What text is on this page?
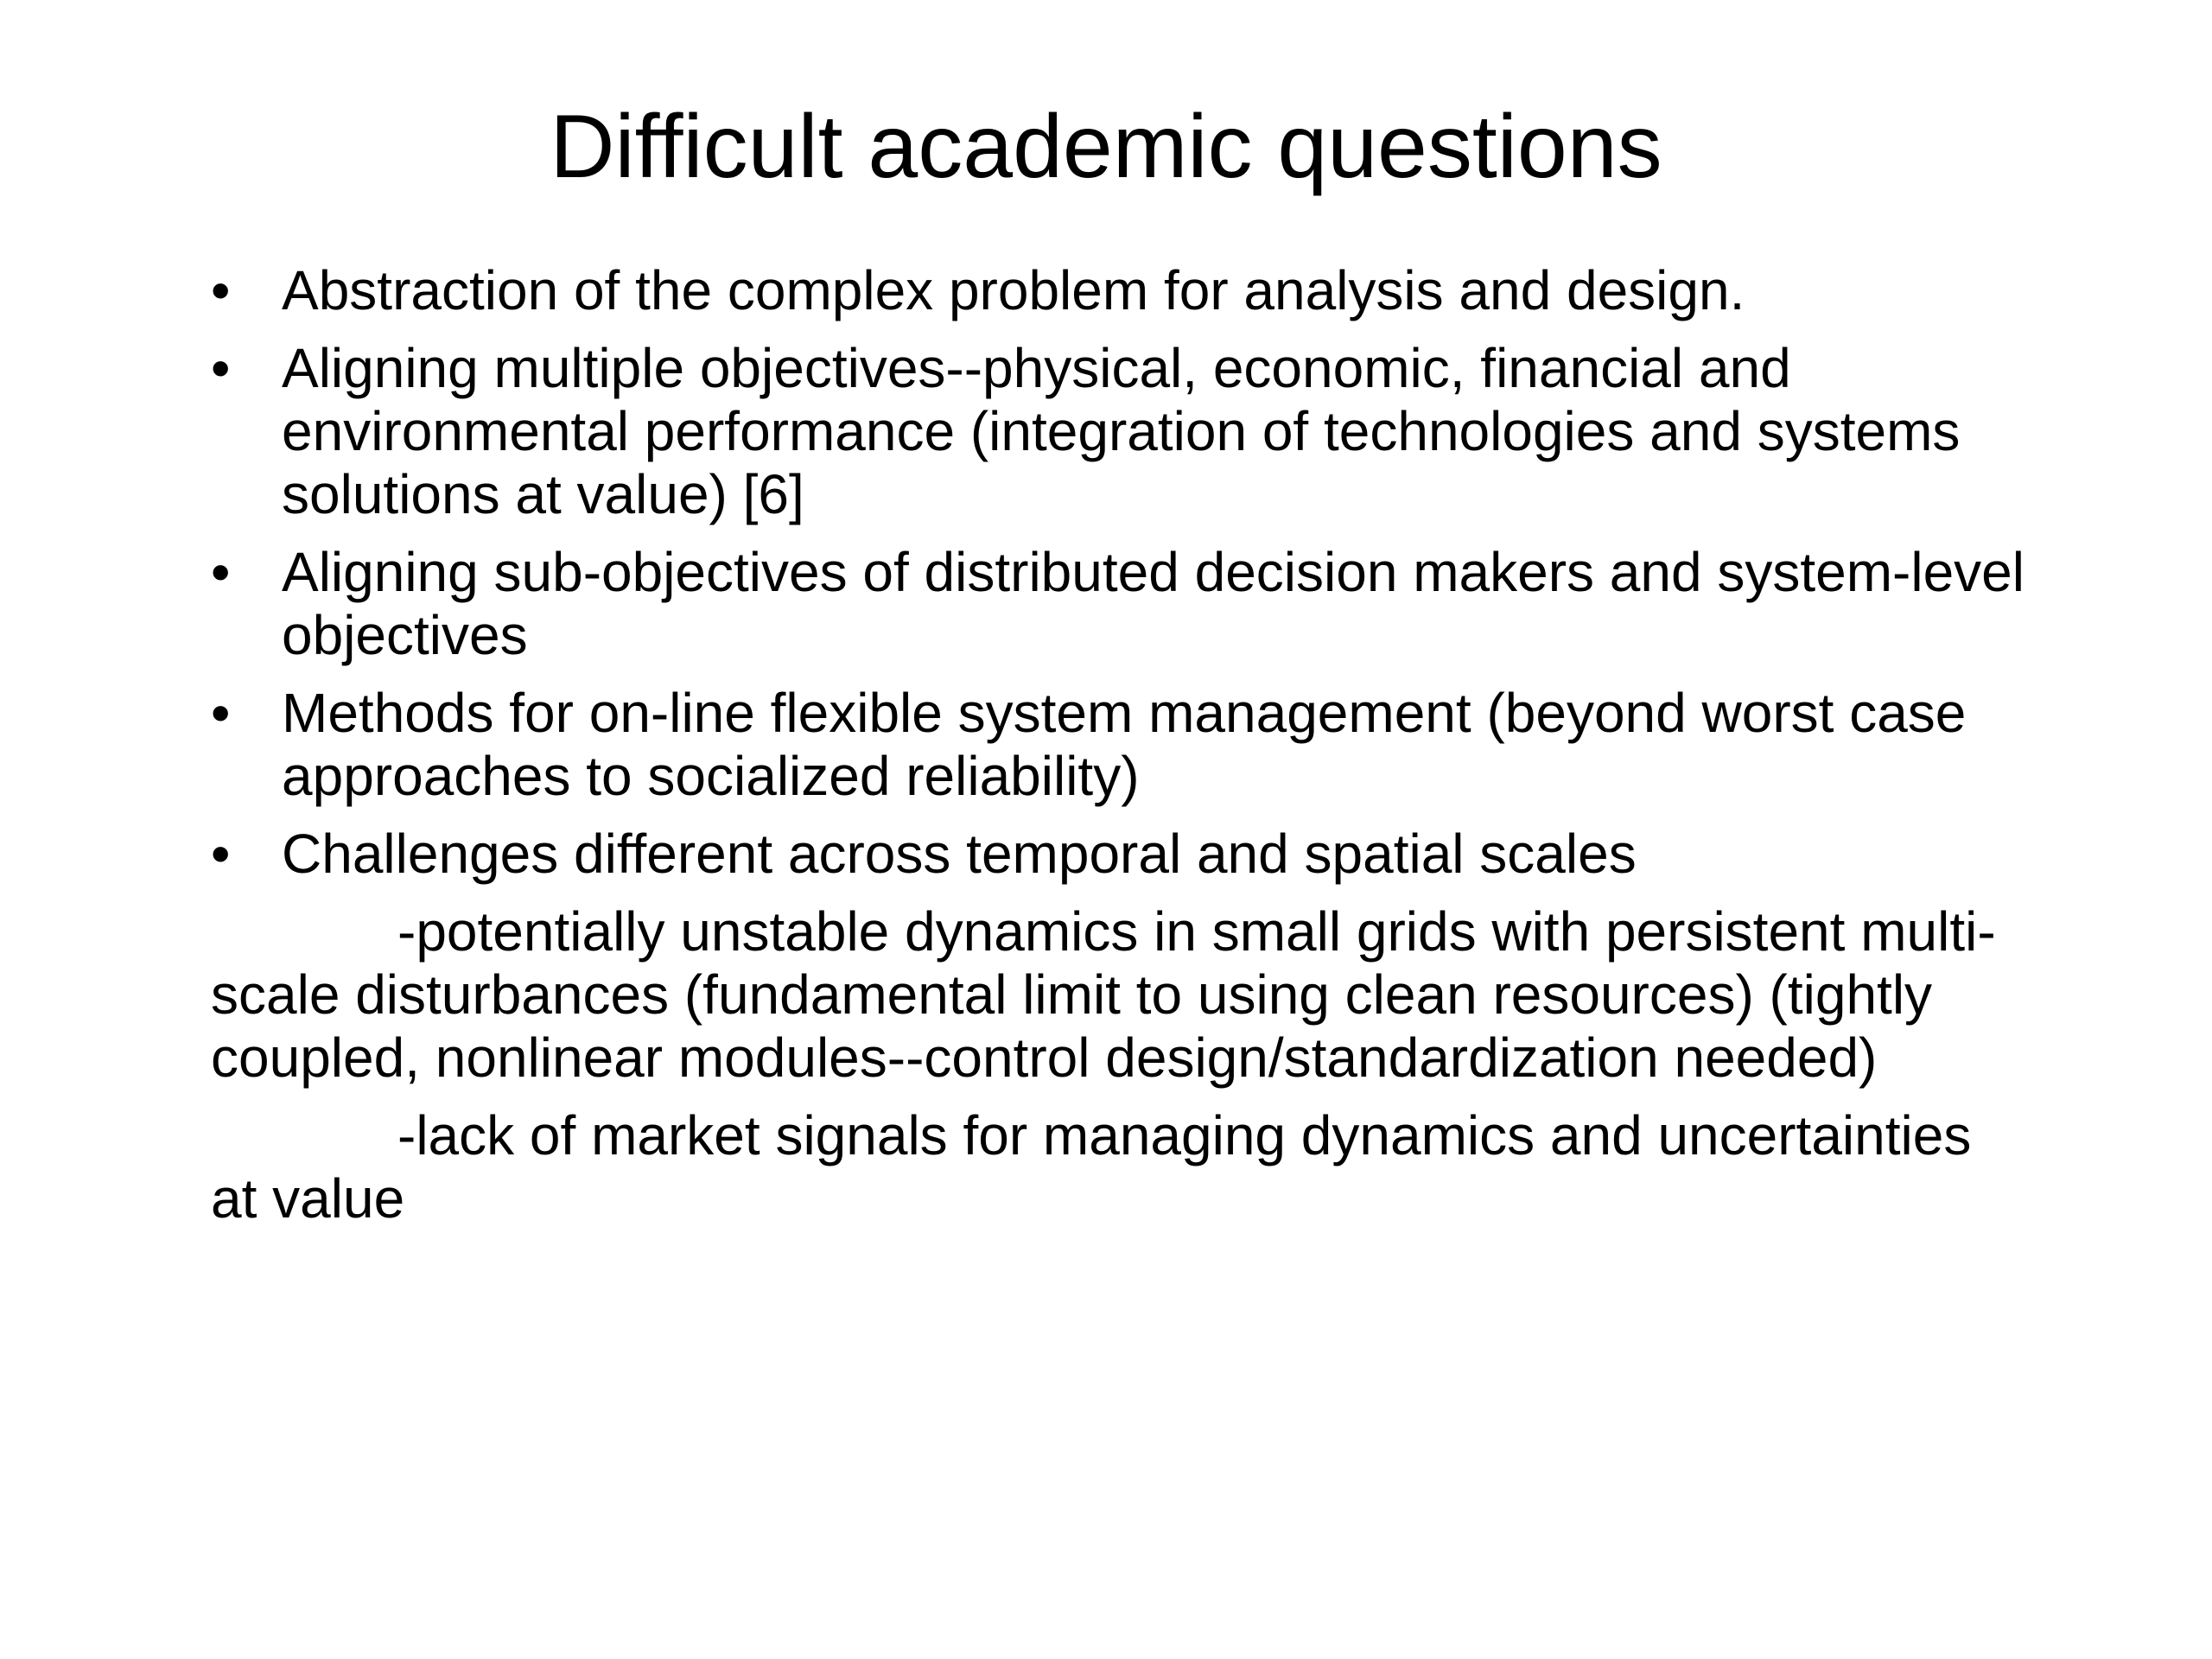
Difficult academic questions
• Abstraction of the complex problem for analysis and design.
• Aligning multiple objectives--physical, economic, financial and environmental performance (integration of technologies and systems solutions at value) [6]
• Aligning sub-objectives of distributed decision makers and system-level objectives
• Methods for on-line flexible system management (beyond worst case approaches to socialized reliability)
• Challenges different across temporal and spatial scales

-potentially unstable dynamics in small grids with persistent multi-scale disturbances (fundamental limit to using clean resources) (tightly coupled, nonlinear modules--control design/standardization needed)

-lack of market signals for managing dynamics and uncertainties at value
